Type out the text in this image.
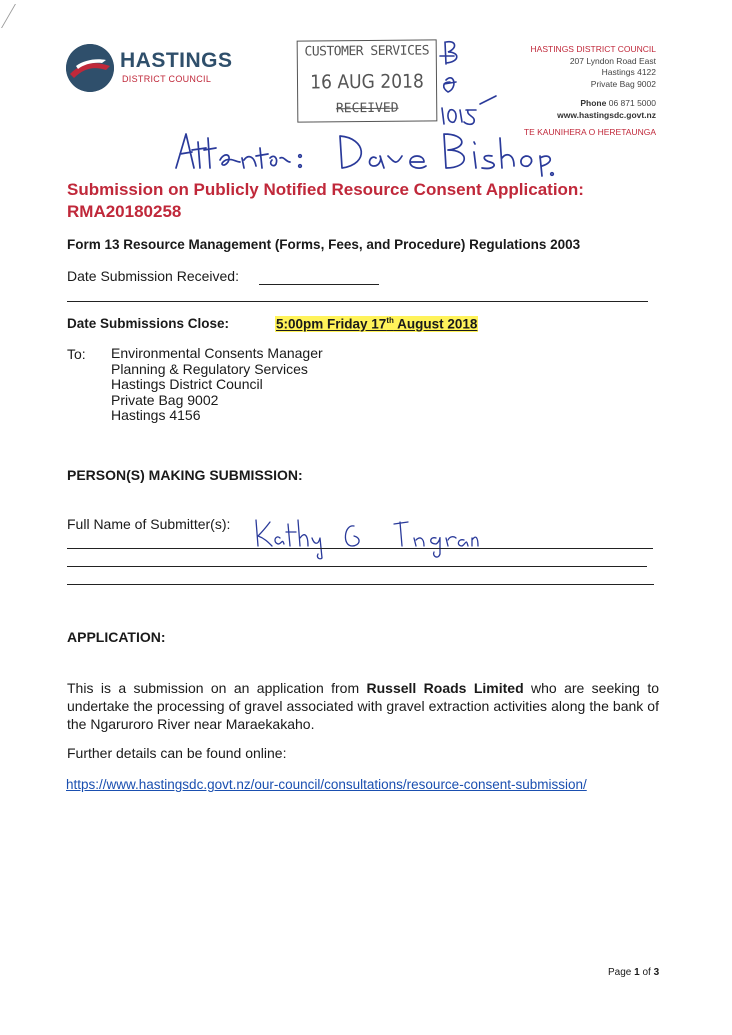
HASTINGS
DISTRICT COUNCIL
CUSTOMER SERVICES
16 AUG 2018
RECEIVED
HASTINGS DISTRICT COUNCIL
207 Lyndon Road East
Hastings 4122
Private Bag 9002
Phone 06 871 5000
www.hastingsdc.govt.nz
TE KAUNIHERA O HERETAUNGA
Submission on Publicly Notified Resource Consent Application:
RMA20180258
Form 13 Resource Management (Forms, Fees, and Procedure) Regulations 2003
Date Submission Received:
Date Submissions Close:	5:00pm Friday 17th August 2018
To: Environmental Consents Manager
Planning & Regulatory Services
Hastings District Council
Private Bag 9002
Hastings 4156
PERSON(S) MAKING SUBMISSION:
Full Name of Submitter(s):
APPLICATION:
This is a submission on an application from Russell Roads Limited who are seeking to undertake the processing of gravel associated with gravel extraction activities along the bank of the Ngaruroro River near Maraekakaho.
Further details can be found online:
https://www.hastingsdc.govt.nz/our-council/consultations/resource-consent-submission/
Page 1 of 3
